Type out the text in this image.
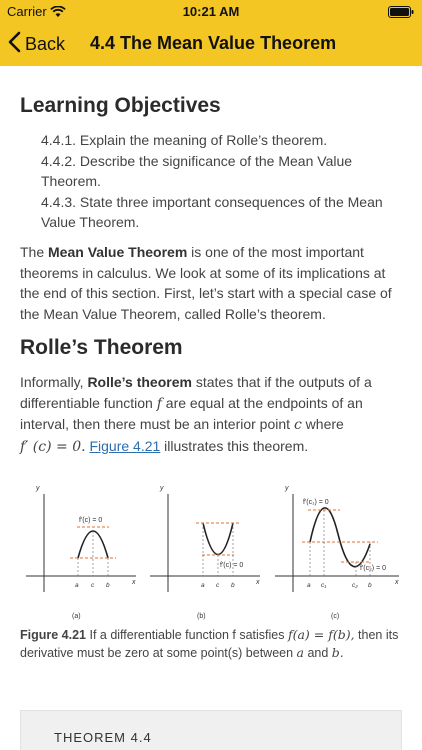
Carrier	10:21 AM
Back 4.4 The Mean Value Theorem
Learning Objectives
4.4.1. Explain the meaning of Rolle’s theorem.
4.4.2. Describe the significance of the Mean Value Theorem.
4.4.3. State three important consequences of the Mean Value Theorem.
The Mean Value Theorem is one of the most important theorems in calculus. We look at some of its implications at the end of this section. First, let’s start with a special case of the Mean Value Theorem, called Rolle’s theorem.
Rolle’s Theorem
Informally, Rolle’s theorem states that if the outputs of a differentiable function f are equal at the endpoints of an interval, then there must be an interior point c where
f′ (c) = 0. Figure 4.21 illustrates this theorem.
y
x
f′(c) = 0
a c b
(a)
y
x
f′(c) = 0
a c b
(b)
y
x
f′(c₁) = 0
f′(c₂) = 0
a c₁	c₂ b
(c)
Figure 4.21 If a differentiable function f satisfies f(a) = f(b), then its derivative must be zero at some point(s) between a and b.
THEOREM 4.4
